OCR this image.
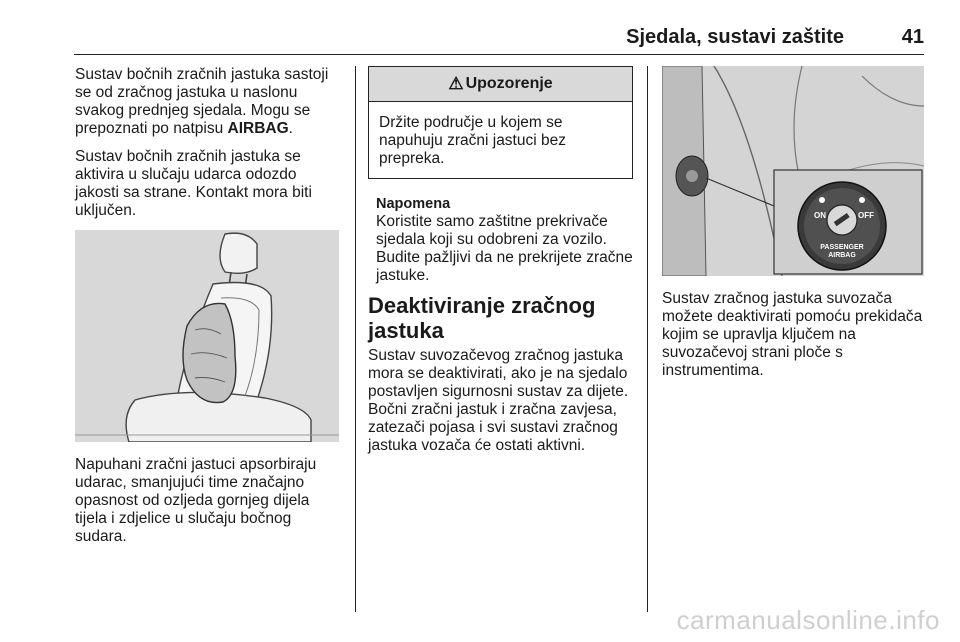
Sjedala, sustavi zaštite	41

Sustav bočnih zračnih jastuka sastoji se od zračnog jastuka u naslonu svakog prednjeg sjedala. Mogu se prepoznati po natpisu AIRBAG.

Sustav bočnih zračnih jastuka se aktivira u slučaju udarca odozdo jakosti sa strane. Kontakt mora biti uključen.

Napuhani zračni jastuci apsorbiraju udarac, smanjujući time značajno opasnost od ozljeda gornjeg dijela tijela i zdjelice u slučaju bočnog sudara.

⚠ Upozorenje
Držite područje u kojem se napuhuju zračni jastuci bez prepreka.
Napomena
Koristite samo zaštitne prekrivače sjedala koji su odobreni za vozilo. Budite pažljivi da ne prekrijete zračne jastuke.
Deaktiviranje zračnog jastuka

Sustav suvozačevog zračnog jastuka mora se deaktivirati, ako je na sjedalo postavljen sigurnosni sustav za dijete. Bočni zračni jastuk i zračna zavjesa, zatezači pojasa i svi sustavi zračnog jastuka vozača će ostati aktivni.

ON	OFF
PASSENGER
AIRBAG

Sustav zračnog jastuka suvozača možete deaktivirati pomoću prekidača kojim se upravlja ključem na suvozačevoj strani ploče s instrumentima.

carmanualsonline.info
